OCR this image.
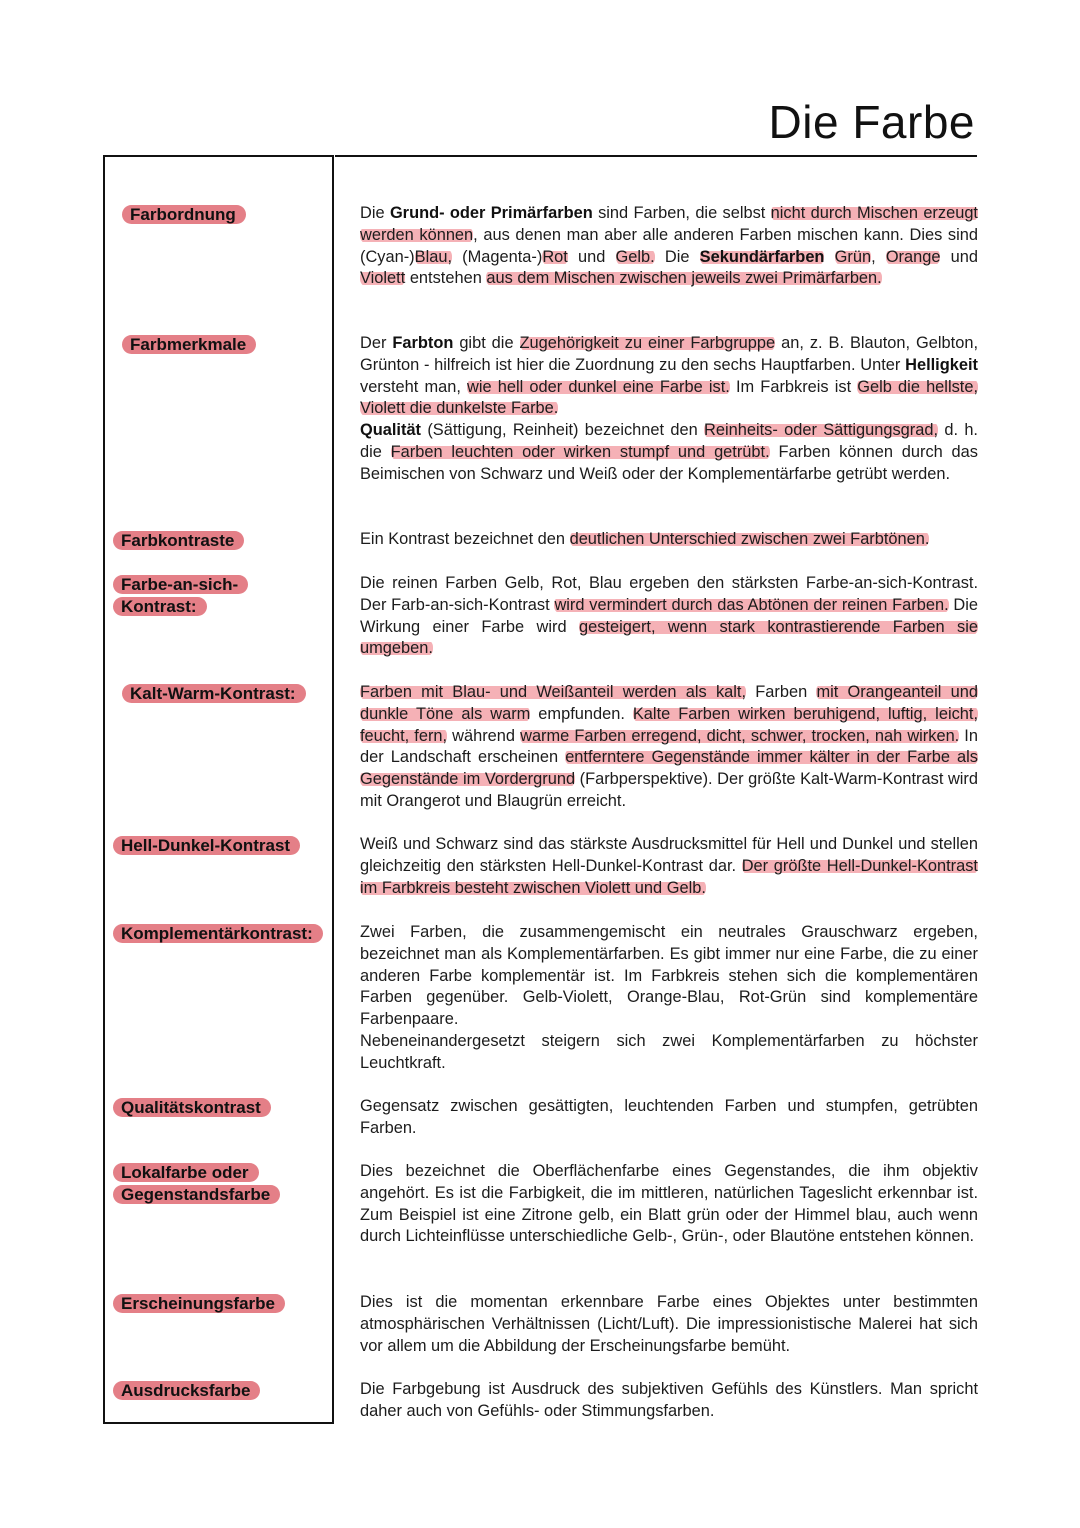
Die Farbe
Farbordnung
Farbmerkmale
Farbkontraste
Farbe-an-sich-
Kontrast:
Kalt-Warm-Kontrast:
Hell-Dunkel-Kontrast
Komplementärkontrast:
Qualitätskontrast
Lokalfarbe oder
Gegenstandsfarbe
Erscheinungsfarbe
Ausdrucksfarbe

Die Grund- oder Primärfarben sind Farben, die selbst nicht durch Mischen erzeugt werden können, aus denen man aber alle anderen Farben mischen kann. Dies sind (Cyan-)Blau, (Magenta-)Rot und Gelb. Die Sekundärfarben Grün, Orange und Violett entstehen aus dem Mischen zwischen jeweils zwei Primärfarben.

Der Farbton gibt die Zugehörigkeit zu einer Farbgruppe an, z. B. Blauton, Gelbton, Grünton - hilfreich ist hier die Zuordnung zu den sechs Hauptfarben. Unter Helligkeit versteht man, wie hell oder dunkel eine Farbe ist. Im Farbkreis ist Gelb die hellste, Violett die dunkelste Farbe.
Qualität (Sättigung, Reinheit) bezeichnet den Reinheits- oder Sättigungsgrad, d. h. die Farben leuchten oder wirken stumpf und getrübt. Farben können durch das Beimischen von Schwarz und Weiß oder der Komplementärfarbe getrübt werden.

Ein Kontrast bezeichnet den deutlichen Unterschied zwischen zwei Farbtönen.

Die reinen Farben Gelb, Rot, Blau ergeben den stärksten Farbe-an-sich-Kontrast. Der Farb-an-sich-Kontrast wird vermindert durch das Abtönen der reinen Farben. Die Wirkung einer Farbe wird gesteigert, wenn stark kontrastierende Farben sie umgeben.

Farben mit Blau- und Weißanteil werden als kalt, Farben mit Orangeanteil und dunkle Töne als warm empfunden. Kalte Farben wirken beruhigend, luftig, leicht, feucht, fern, während warme Farben erregend, dicht, schwer, trocken, nah wirken. In der Landschaft erscheinen entferntere Gegenstände immer kälter in der Farbe als Gegenstände im Vordergrund (Farbperspektive). Der größte Kalt-Warm-Kontrast wird mit Orangerot und Blaugrün erreicht.

Weiß und Schwarz sind das stärkste Ausdrucksmittel für Hell und Dunkel und stellen gleichzeitig den stärksten Hell-Dunkel-Kontrast dar. Der größte Hell-Dunkel-Kontrast im Farbkreis besteht zwischen Violett und Gelb.

Zwei Farben, die zusammengemischt ein neutrales Grauschwarz ergeben, bezeichnet man als Komplementärfarben. Es gibt immer nur eine Farbe, die zu einer anderen Farbe komplementär ist. Im Farbkreis stehen sich die komplementären Farben gegenüber. Gelb-Violett, Orange-Blau, Rot-Grün sind komplementäre Farbenpaare.
Nebeneinandergesetzt steigern sich zwei Komplementärfarben zu höchster Leuchtkraft.

Gegensatz zwischen gesättigten, leuchtenden Farben und stumpfen, getrübten Farben.

Dies bezeichnet die Oberflächenfarbe eines Gegenstandes, die ihm objektiv angehört. Es ist die Farbigkeit, die im mittleren, natürlichen Tageslicht erkennbar ist. Zum Beispiel ist eine Zitrone gelb, ein Blatt grün oder der Himmel blau, auch wenn durch Lichteinflüsse unterschiedliche Gelb-, Grün-, oder Blautöne entstehen können.

Dies ist die momentan erkennbare Farbe eines Objektes unter bestimmten atmosphärischen Verhältnissen (Licht/Luft). Die impressionistische Malerei hat sich vor allem um die Abbildung der Erscheinungsfarbe bemüht.

Die Farbgebung ist Ausdruck des subjektiven Gefühls des Künstlers. Man spricht daher auch von Gefühls- oder Stimmungsfarben.
